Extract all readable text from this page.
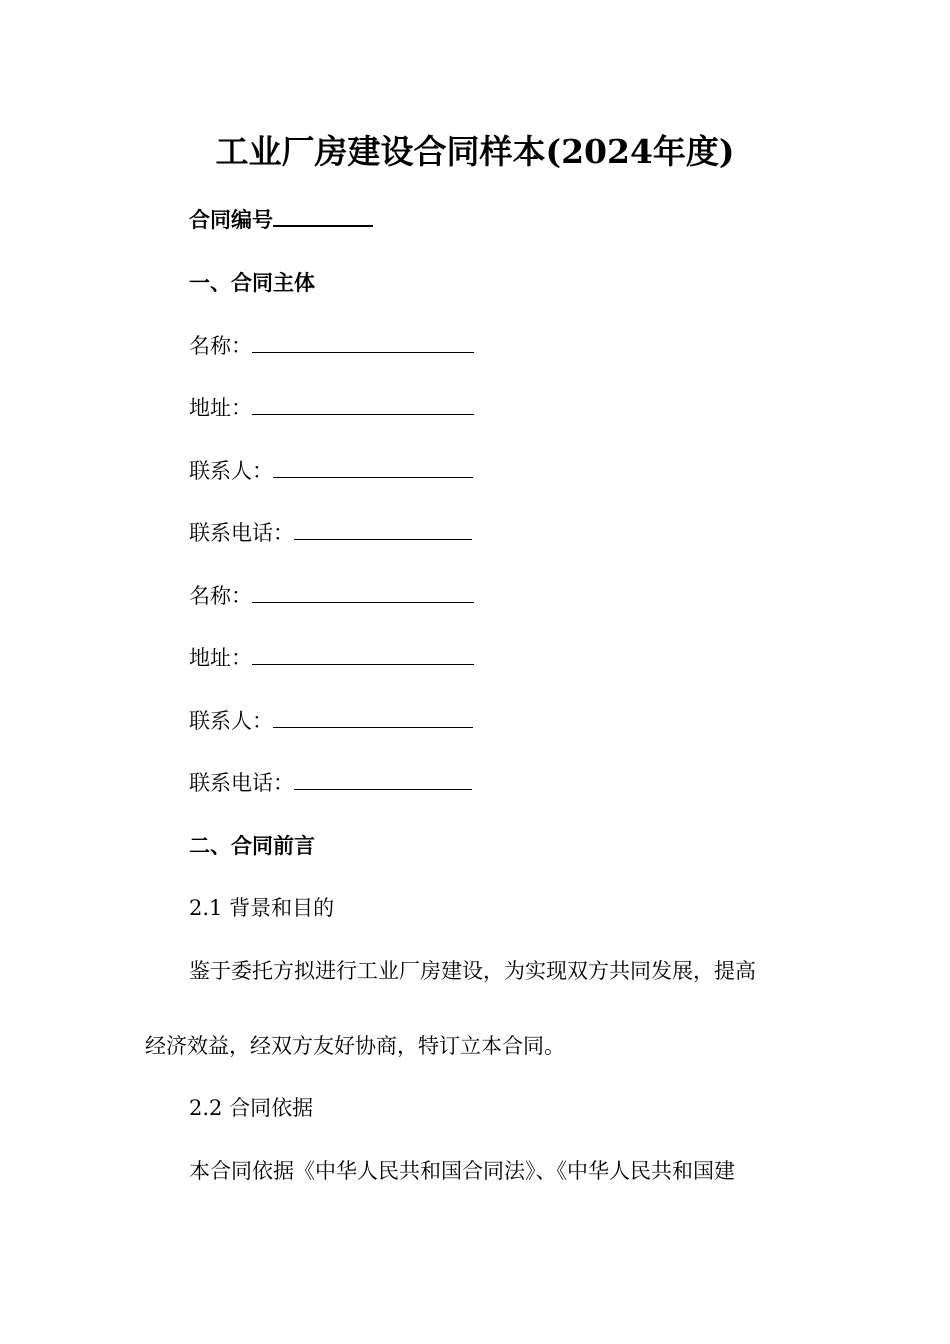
工业厂房建设合同样本(2024年度)
合同编号
一、合同主体
名称：
地址：
联系人：
联系电话：
名称：
地址：
联系人：
联系电话：
二、合同前言
2.1 背景和目的
鉴于委托方拟进行工业厂房建设，为实现双方共同发展，提高
经济效益，经双方友好协商，特订立本合同。
2.2 合同依据
本合同依据《中华人民共和国合同法》、《中华人民共和国建
